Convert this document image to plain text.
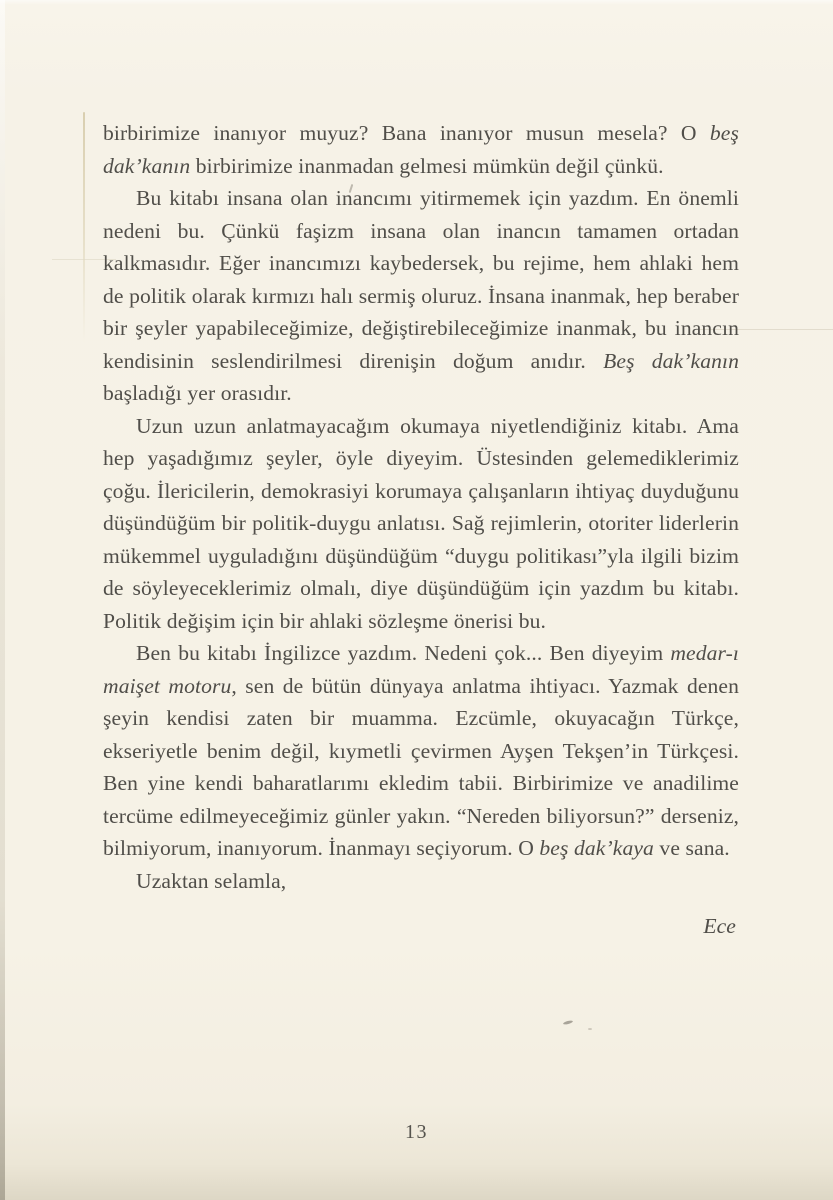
birbirimize inanıyor muyuz? Bana inanıyor musun mesela? O beş dak’kanın birbirimize inanmadan gelmesi mümkün değil çünkü.

Bu kitabı insana olan inancımı yitirmemek için yazdım. En önemli nedeni bu. Çünkü faşizm insana olan inancın tamamen ortadan kalkmasıdır. Eğer inancımızı kaybedersek, bu rejime, hem ahlaki hem de politik olarak kırmızı halı sermiş oluruz. İnsana inanmak, hep beraber bir şeyler yapabileceğimize, değiştirebileceğimize inanmak, bu inancın kendisinin seslendirilmesi direnişin doğum anıdır. Beş dak’kanın başladığı yer orasıdır.

Uzun uzun anlatmayacağım okumaya niyetlendiğiniz kitabı. Ama hep yaşadığımız şeyler, öyle diyeyim. Üstesinden gelemediklerimiz çoğu. İlericilerin, demokrasiyi korumaya çalışanların ihtiyaç duyduğunu düşündüğüm bir politik-duygu anlatısı. Sağ rejimlerin, otoriter liderlerin mükemmel uyguladığını düşündüğüm “duygu politikası”yla ilgili bizim de söyleyeceklerimiz olmalı, diye düşündüğüm için yazdım bu kitabı. Politik değişim için bir ahlaki sözleşme önerisi bu.

Ben bu kitabı İngilizce yazdım. Nedeni çok... Ben diyeyim medar-ı maişet motoru, sen de bütün dünyaya anlatma ihtiyacı. Yazmak denen şeyin kendisi zaten bir muamma. Ezcümle, okuyacağın Türkçe, ekseriyetle benim değil, kıymetli çevirmen Ayşen Tekşen’in Türkçesi. Ben yine kendi baharatlarımı ekledim tabii. Birbirimize ve anadilime tercüme edilmeyeceğimiz günler yakın. “Nereden biliyorsun?” derseniz, bilmiyorum, inanıyorum. İnanmayı seçiyorum. O beş dak’kaya ve sana.

Uzaktan selamla,

Ece

13
